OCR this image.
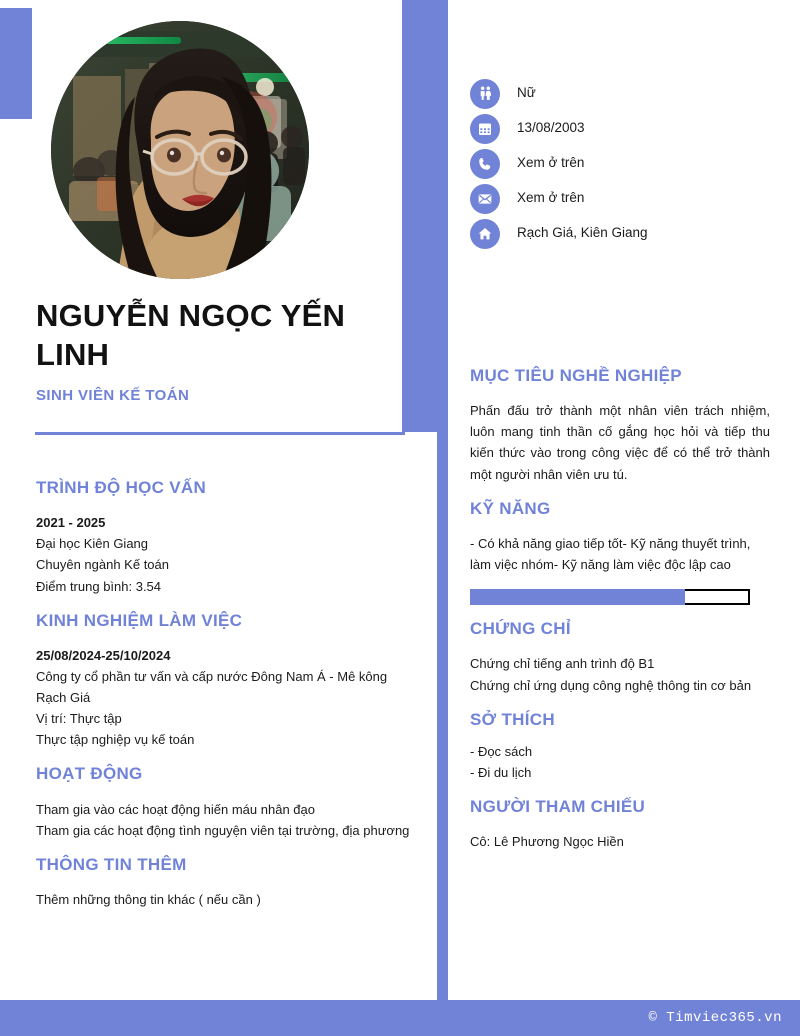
NGUYỄN NGỌC YẾN LINH
SINH VIÊN KẾ TOÁN
Nữ
13/08/2003
Xem ở trên
Xem ở trên
Rạch Giá, Kiên Giang
TRÌNH ĐỘ HỌC VẤN
2021 - 2025
Đại học Kiên Giang
Chuyên ngành Kế toán
Điểm trung bình: 3.54
KINH NGHIỆM LÀM VIỆC
25/08/2024-25/10/2024
Công ty cổ phần tư vấn và cấp nước Đông Nam Á - Mê kông Rạch Giá
Vị trí: Thực tập
Thực tập nghiệp vụ kế toán
HOẠT ĐỘNG
Tham gia vào các hoạt động hiến máu nhân đạo
Tham gia các hoạt động tình nguyện viên tại trường, địa phương
THÔNG TIN THÊM
Thêm những thông tin khác ( nếu cần )
MỤC TIÊU NGHỀ NGHIỆP
Phấn đấu trở thành một nhân viên trách nhiệm, luôn mang tinh thần cố gắng học hỏi và tiếp thu kiến thức vào trong công việc để có thể trở thành một người nhân viên ưu tú.
KỸ NĂNG
- Có khả năng giao tiếp tốt- Kỹ năng thuyết trình, làm việc nhóm- Kỹ năng làm việc độc lập cao
CHỨNG CHỈ
Chứng chỉ tiếng anh trình độ B1
Chứng chỉ ứng dụng công nghệ thông tin cơ bản
SỞ THÍCH
- Đọc sách
- Đi du lịch
NGƯỜI THAM CHIẾU
Cô: Lê Phương Ngọc Hiền
© Timviec365.vn
